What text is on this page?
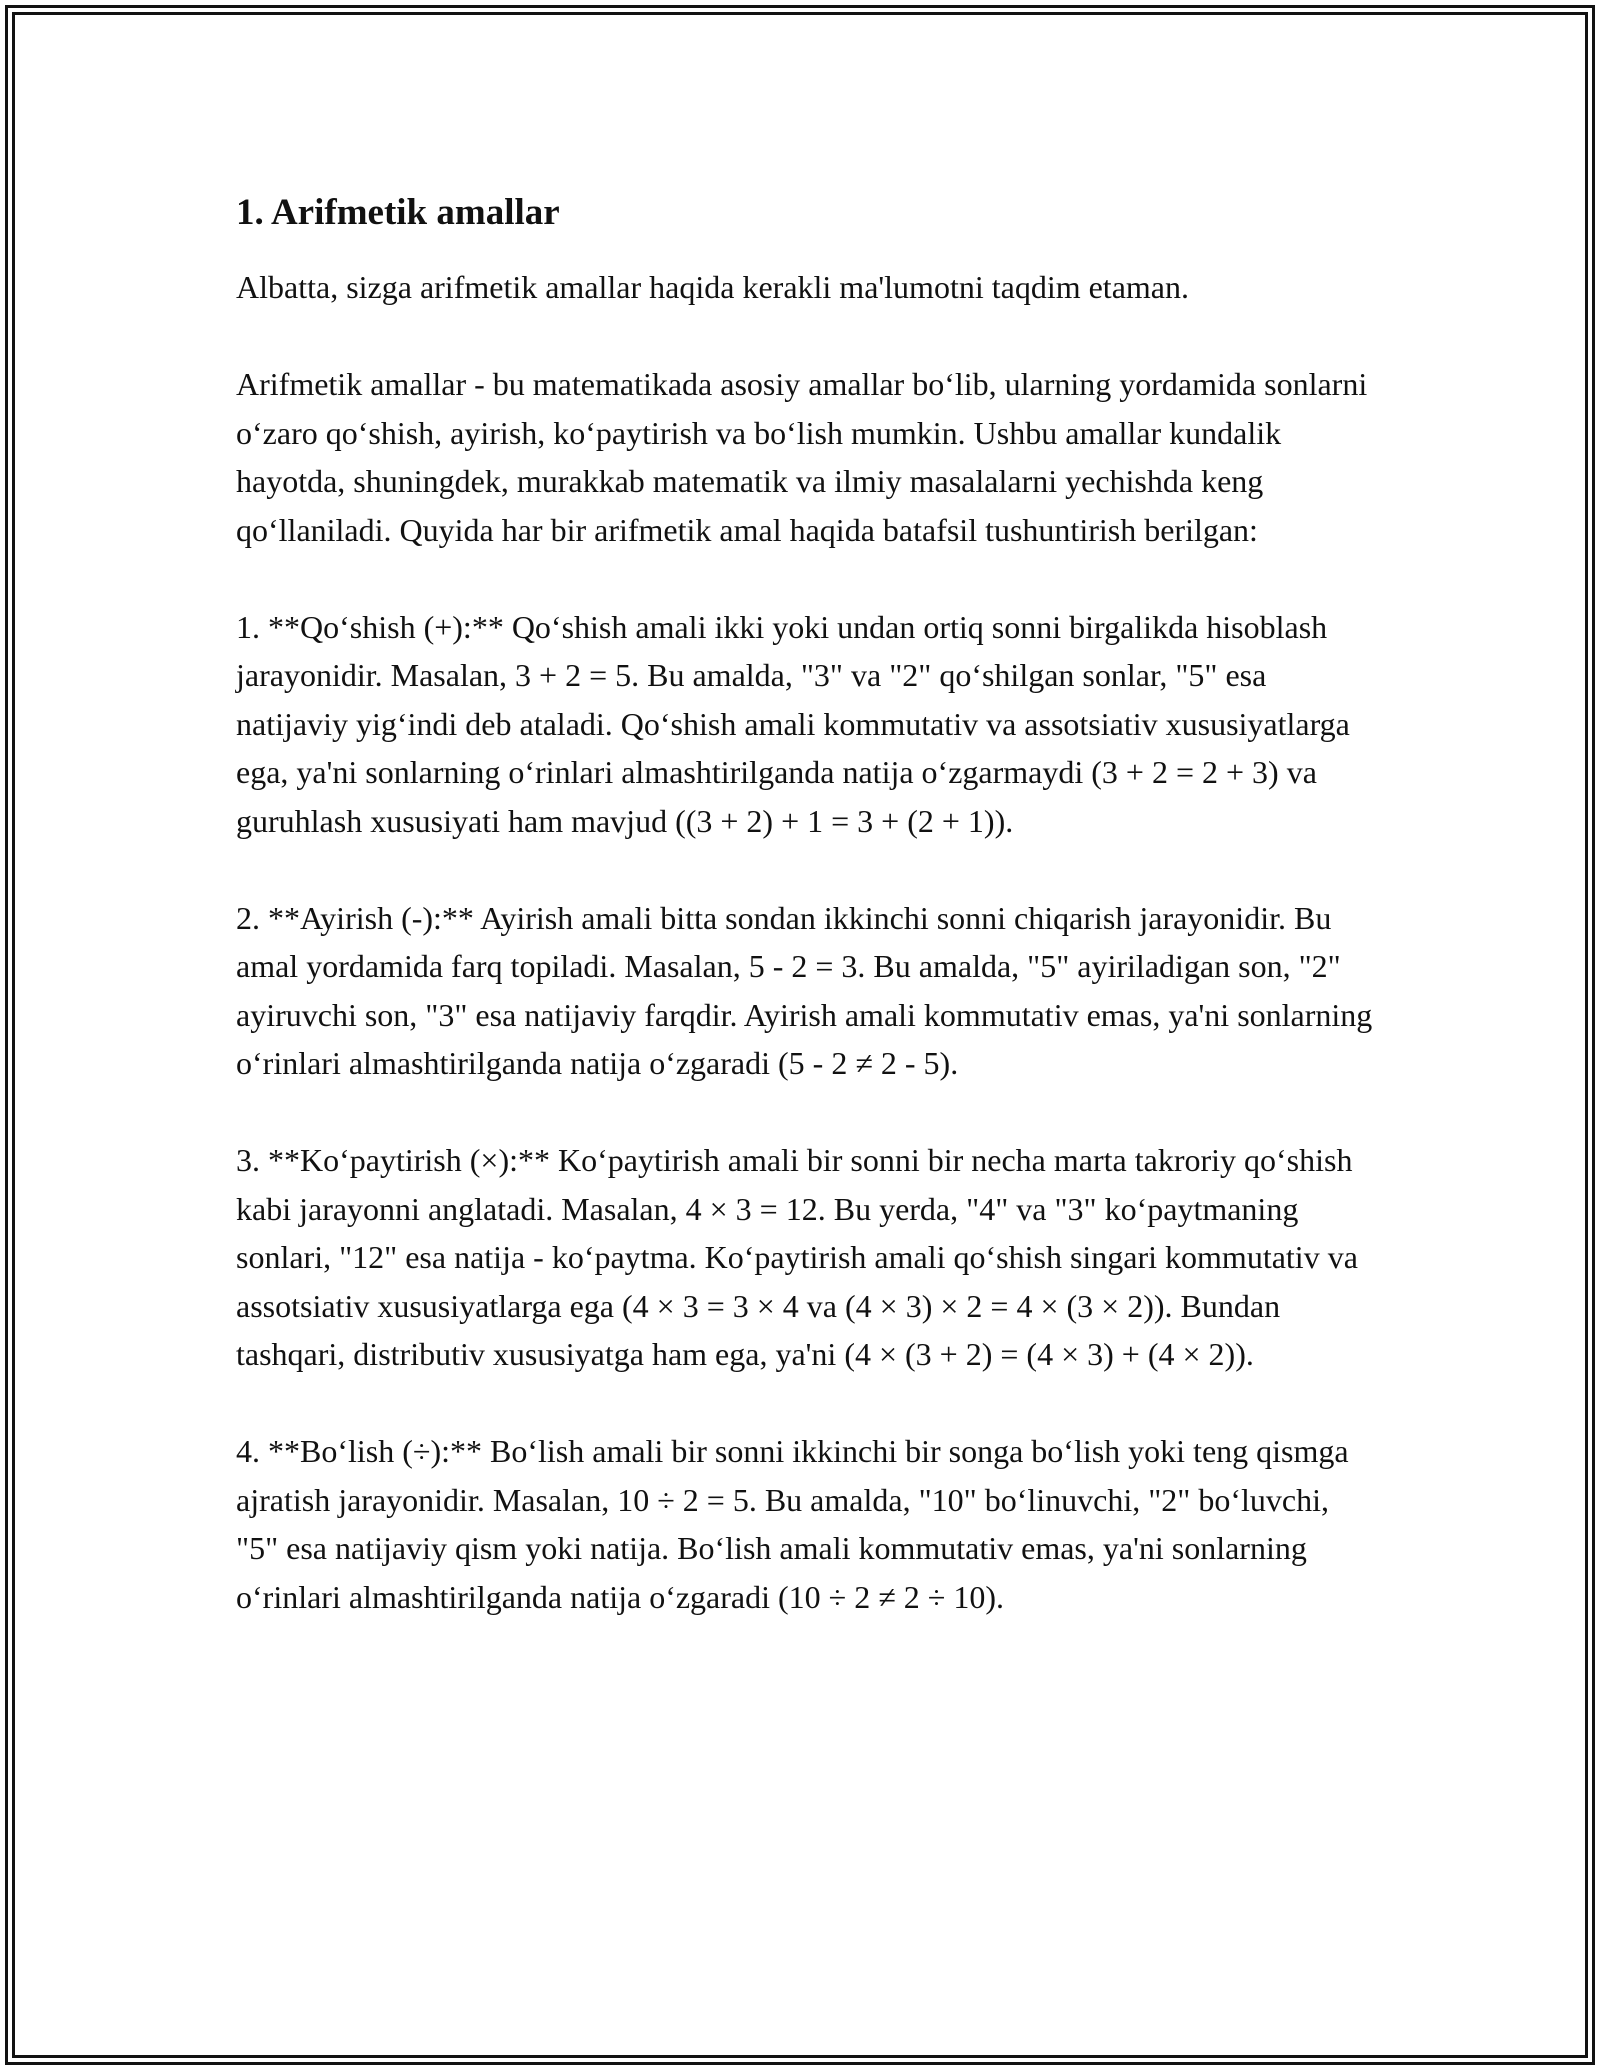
1. Arifmetik amallar

Albatta, sizga arifmetik amallar haqida kerakli ma'lumotni taqdim etaman.

Arifmetik amallar - bu matematikada asosiy amallar bo‘lib, ularning yordamida sonlarni o‘zaro qo‘shish, ayirish, ko‘paytirish va bo‘lish mumkin. Ushbu amallar kundalik hayotda, shuningdek, murakkab matematik va ilmiy masalalarni yechishda keng qo‘llaniladi. Quyida har bir arifmetik amal haqida batafsil tushuntirish berilgan:

1. **Qo‘shish (+):** Qo‘shish amali ikki yoki undan ortiq sonni birgalikda hisoblash jarayonidir. Masalan, 3 + 2 = 5. Bu amalda, "3" va "2" qo‘shilgan sonlar, "5" esa natijaviy yig‘indi deb ataladi. Qo‘shish amali kommutativ va assotsiativ xususiyatlarga ega, ya'ni sonlarning o‘rinlari almashtirilganda natija o‘zgarmaydi (3 + 2 = 2 + 3) va guruhlash xususiyati ham mavjud ((3 + 2) + 1 = 3 + (2 + 1)).

2. **Ayirish (-):** Ayirish amali bitta sondan ikkinchi sonni chiqarish jarayonidir. Bu amal yordamida farq topiladi. Masalan, 5 - 2 = 3. Bu amalda, "5" ayiriladigan son, "2" ayiruvchi son, "3" esa natijaviy farqdir. Ayirish amali kommutativ emas, ya'ni sonlarning o‘rinlari almashtirilganda natija o‘zgaradi (5 - 2 ≠ 2 - 5).

3. **Ko‘paytirish (×):** Ko‘paytirish amali bir sonni bir necha marta takroriy qo‘shish kabi jarayonni anglatadi. Masalan, 4 × 3 = 12. Bu yerda, "4" va "3" ko‘paytmaning sonlari, "12" esa natija - ko‘paytma. Ko‘paytirish amali qo‘shish singari kommutativ va assotsiativ xususiyatlarga ega (4 × 3 = 3 × 4 va (4 × 3) × 2 = 4 × (3 × 2)). Bundan tashqari, distributiv xususiyatga ham ega, ya'ni (4 × (3 + 2) = (4 × 3) + (4 × 2)).

4. **Bo‘lish (÷):** Bo‘lish amali bir sonni ikkinchi bir songa bo‘lish yoki teng qismga ajratish jarayonidir. Masalan, 10 ÷ 2 = 5. Bu amalda, "10" bo‘linuvchi, "2" bo‘luvchi, "5" esa natijaviy qism yoki natija. Bo‘lish amali kommutativ emas, ya'ni sonlarning o‘rinlari almashtirilganda natija o‘zgaradi (10 ÷ 2 ≠ 2 ÷ 10).
